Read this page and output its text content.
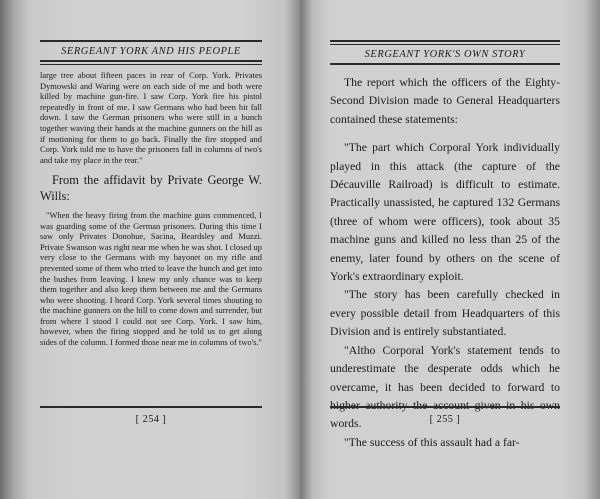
SERGEANT YORK AND HIS PEOPLE

large tree about fifteen paces in rear of Corp. York. Privates Dymowski and Waring were on each side of me and both were killed by machine gun-fire. I saw Corp. York fire his pistol repeatedly in front of me. I saw Germans who had been hit fall down. I saw the German prisoners who were still in a bunch together waving their hands at the machine gunners on the hill as if motioning for them to go back. Finally the fire stopped and Corp. York told me to have the prisoners fall in columns of two's and take my place in the rear."

From the affidavit by Private George W. Wills:

"When the heavy firing from the machine guns commenced, I was guarding some of the German prisoners. During this time I saw only Privates Donohue, Sacina, Beardsley and Muzzi. Private Swanson was right near me when he was shot. I closed up very close to the Germans with my bayonet on my rifle and prevented some of them who tried to leave the bunch and get into the bushes from leaving. I knew my only chance was to keep them together and also keep them between me and the Germans who were shooting. I heard Corp. York several times shouting to the machine gunners on the hill to come down and surrender, but from where I stood I could not see Corp. York. I saw him, however, when the firing stopped and he told us to get along sides of the column. I formed those near me in columns of two's."

[ 254 ]
SERGEANT YORK'S OWN STORY

The report which the officers of the Eighty-Second Division made to General Headquarters contained these statements:

"The part which Corporal York individually played in this attack (the capture of the Décauville Railroad) is difficult to estimate. Practically unassisted, he captured 132 Germans (three of whom were officers), took about 35 machine guns and killed no less than 25 of the enemy, later found by others on the scene of York's extraordinary exploit.

"The story has been carefully checked in every possible detail from Headquarters of this Division and is entirely substantiated.

"Altho Corporal York's statement tends to underestimate the desperate odds which he overcame, it has been decided to forward to higher authority the account given in his own words.

"The success of this assault had a far-

[ 255 ]
